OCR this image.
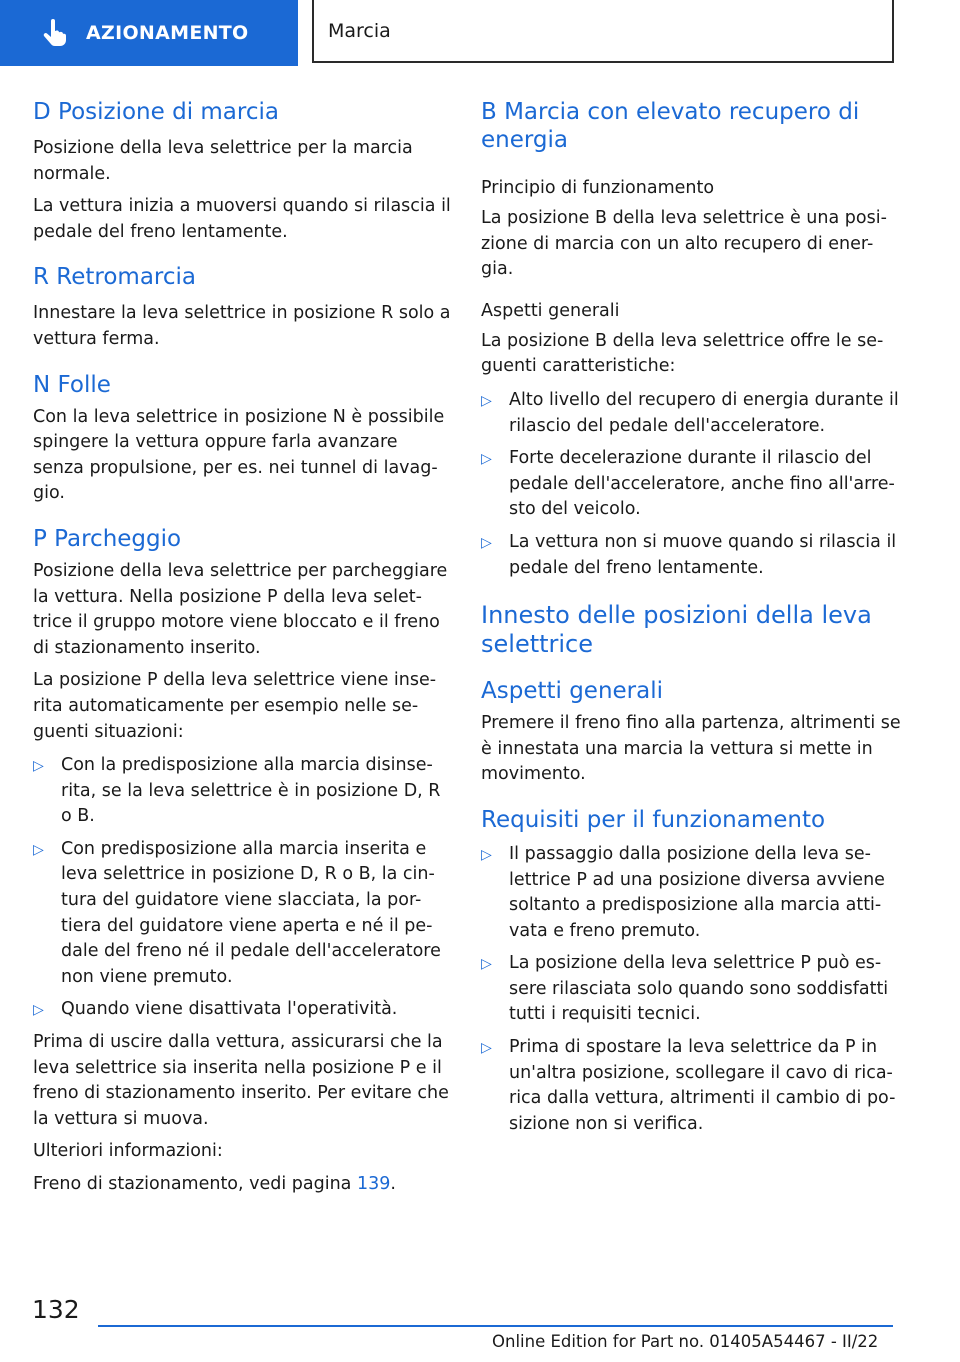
AZIONAMENTO	Marcia
D Posizione di marcia

Posizione della leva selettrice per la marcia normale.

La vettura inizia a muoversi quando si rilascia il pedale del freno lentamente.

R Retromarcia

Innestare la leva selettrice in posizione R solo a vettura ferma.

N Folle

Con la leva selettrice in posizione N è possibile spingere la vettura oppure farla avanzare senza propulsione, per es. nei tunnel di lavag-gio.

P Parcheggio

Posizione della leva selettrice per parcheggiare la vettura. Nella posizione P della leva selet-trice il gruppo motore viene bloccato e il freno di stazionamento inserito.

La posizione P della leva selettrice viene inse-rita automaticamente per esempio nelle se-guenti situazioni:

▷ Con la predisposizione alla marcia disinse-rita, se la leva selettrice è in posizione D, R o B.
▷ Con predisposizione alla marcia inserita e leva selettrice in posizione D, R o B, la cin-tura del guidatore viene slacciata, la por-tiera del guidatore viene aperta e né il pe-dale del freno né il pedale dell'acceleratore non viene premuto.
▷ Quando viene disattivata l'operatività.

Prima di uscire dalla vettura, assicurarsi che la leva selettrice sia inserita nella posizione P e il freno di stazionamento inserito. Per evitare che la vettura si muova.

Ulteriori informazioni:

Freno di stazionamento, vedi pagina 139.

B Marcia con elevato recupero di energia
Principio di funzionamento

La posizione B della leva selettrice è una posi-zione di marcia con un alto recupero di ener-gia.

Aspetti generali

La posizione B della leva selettrice offre le se-guenti caratteristiche:

▷ Alto livello del recupero di energia durante il rilascio del pedale dell'acceleratore.
▷ Forte decelerazione durante il rilascio del pedale dell'acceleratore, anche fino all'arre-sto del veicolo.
▷ La vettura non si muove quando si rilascia il pedale del freno lentamente.
Innesto delle posizioni della leva selettrice
Aspetti generali

Premere il freno fino alla partenza, altrimenti se è innestata una marcia la vettura si mette in movimento.

Requisiti per il funzionamento
▷ Il passaggio dalla posizione della leva se-lettrice P ad una posizione diversa avviene soltanto a predisposizione alla marcia atti-vata e freno premuto.
▷ La posizione della leva selettrice P può es-sere rilasciata solo quando sono soddisfatti tutti i requisiti tecnici.
▷ Prima di spostare la leva selettrice da P in un'altra posizione, scollegare il cavo di rica-rica dalla vettura, altrimenti il cambio di po-sizione non si verifica.
132
Online Edition for Part no. 01405A54467 - II/22
